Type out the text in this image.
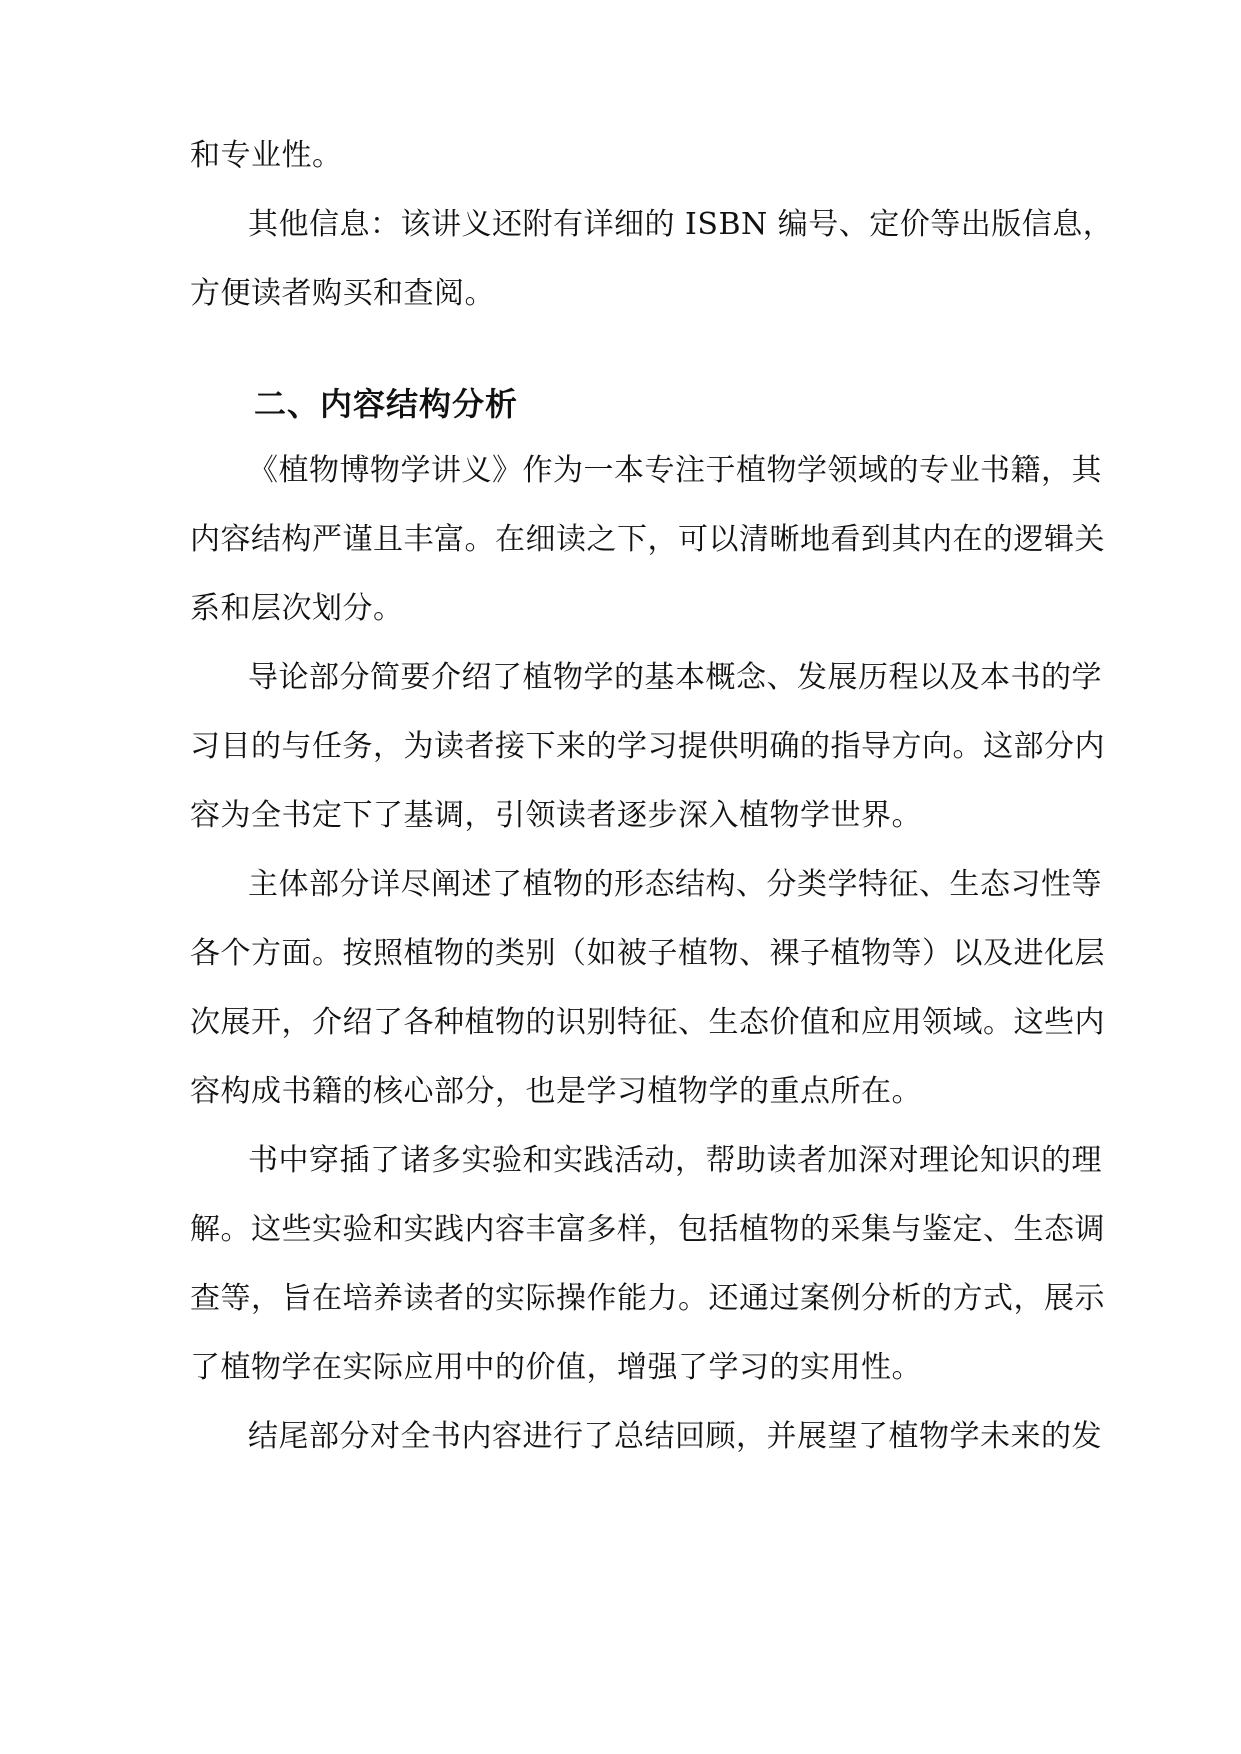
和专业性。
其他信息：该讲义还附有详细的 ISBN 编号、定价等出版信息，
方便读者购买和查阅。
二、内容结构分析
《植物博物学讲义》作为一本专注于植物学领域的专业书籍，其
内容结构严谨且丰富。在细读之下，可以清晰地看到其内在的逻辑关
系和层次划分。
导论部分简要介绍了植物学的基本概念、发展历程以及本书的学
习目的与任务，为读者接下来的学习提供明确的指导方向。这部分内
容为全书定下了基调，引领读者逐步深入植物学世界。
主体部分详尽阐述了植物的形态结构、分类学特征、生态习性等
各个方面。按照植物的类别（如被子植物、裸子植物等）以及进化层
次展开，介绍了各种植物的识别特征、生态价值和应用领域。这些内
容构成书籍的核心部分，也是学习植物学的重点所在。
书中穿插了诸多实验和实践活动，帮助读者加深对理论知识的理
解。这些实验和实践内容丰富多样，包括植物的采集与鉴定、生态调
查等，旨在培养读者的实际操作能力。还通过案例分析的方式，展示
了植物学在实际应用中的价值，增强了学习的实用性。
结尾部分对全书内容进行了总结回顾，并展望了植物学未来的发
